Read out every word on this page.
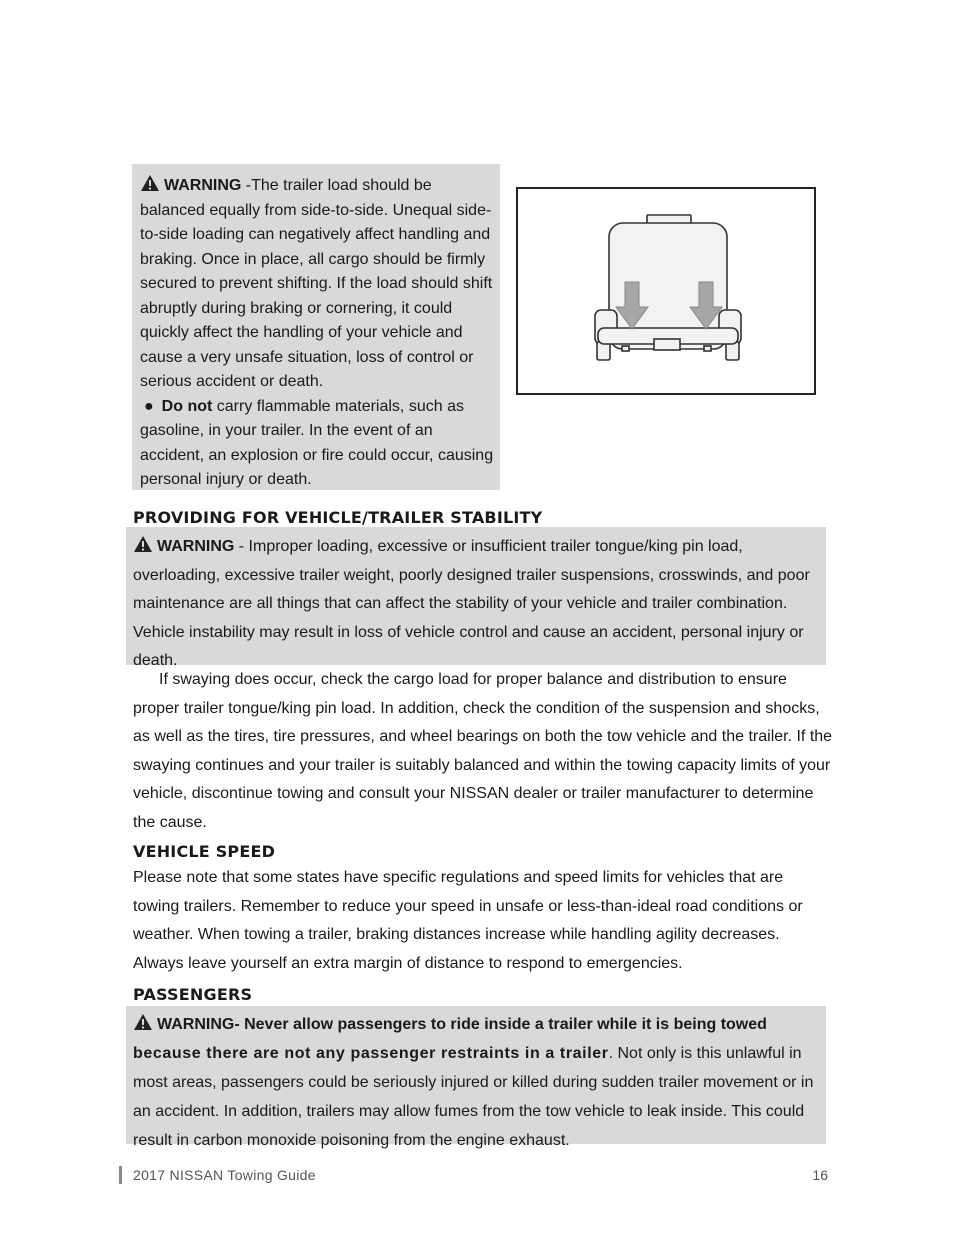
WARNING -The trailer load should be balanced equally from side-to-side. Unequal side-to-side loading can negatively affect handling and braking. Once in place, all cargo should be firmly secured to prevent shifting. If the load should shift abruptly during braking or cornering, it could quickly affect the handling of your vehicle and cause a very unsafe situation, loss of control or serious accident or death.

● Do not carry flammable materials, such as gasoline, in your trailer. In the event of an accident, an explosion or fire could occur, causing personal injury or death.

PROVIDING FOR VEHICLE/TRAILER STABILITY

WARNING - Improper loading, excessive or insufficient trailer tongue/king pin load, overloading, excessive trailer weight, poorly designed trailer suspensions, crosswinds, and poor maintenance are all things that can affect the stability of your vehicle and trailer combination. Vehicle instability may result in loss of vehicle control and cause an accident, personal injury or death.

If swaying does occur, check the cargo load for proper balance and distribution to ensure proper trailer tongue/king pin load. In addition, check the condition of the suspension and shocks, as well as the tires, tire pressures, and wheel bearings on both the tow vehicle and the trailer. If the swaying continues and your trailer is suitably balanced and within the towing capacity limits of your vehicle, discontinue towing and consult your NISSAN dealer or trailer manufacturer to determine the cause.

VEHICLE SPEED

Please note that some states have specific regulations and speed limits for vehicles that are towing trailers. Remember to reduce your speed in unsafe or less-than-ideal road conditions or weather. When towing a trailer, braking distances increase while handling agility decreases. Always leave yourself an extra margin of distance to respond to emergencies.

PASSENGERS

WARNING- Never allow passengers to ride inside a trailer while it is being towed because there are not any passenger restraints in a trailer. Not only is this unlawful in most areas, passengers could be seriously injured or killed during sudden trailer movement or in an accident. In addition, trailers may allow fumes from the tow vehicle to leak inside. This could result in carbon monoxide poisoning from the engine exhaust.

2017 NISSAN Towing Guide	16
